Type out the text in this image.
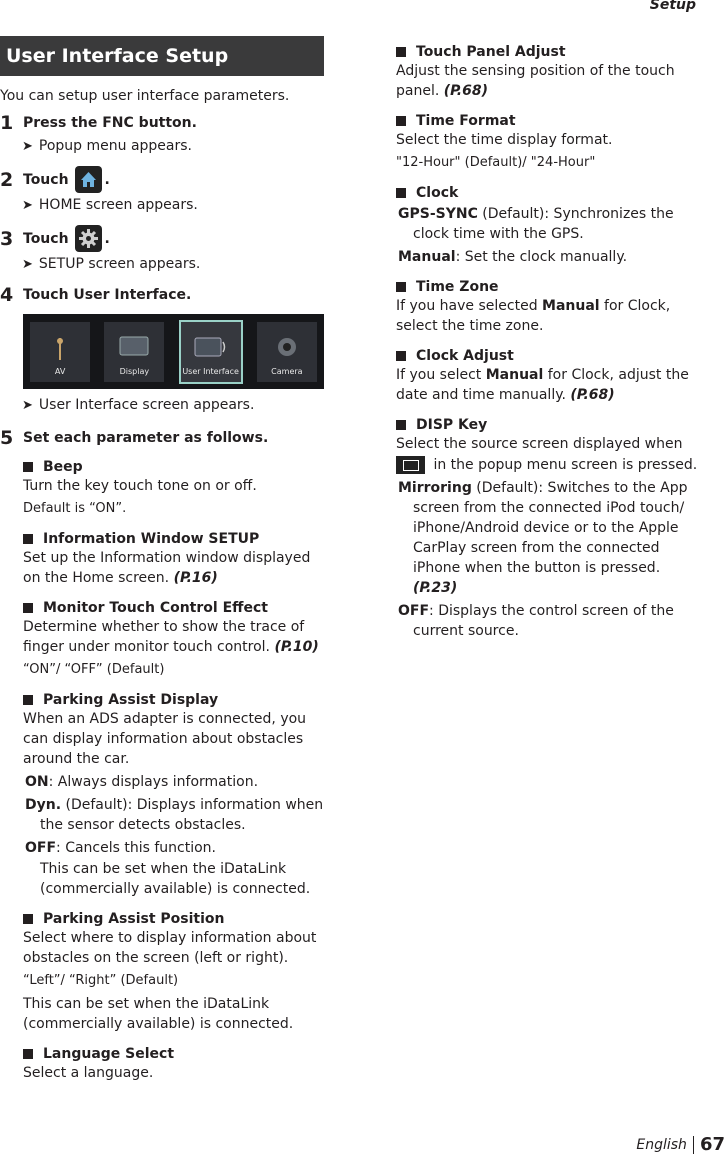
Setup
User Interface Setup
You can setup user interface parameters.
1 Press the FNC button.
➤ Popup menu appears.
2 Touch	.
➤ HOME screen appears.
3 Touch	.
➤ SETUP screen appears.
4 Touch User Interface.
AV	Display	User Interface	Camera
➤ User Interface screen appears.
5 Set each parameter as follows.
Beep
Turn the key touch tone on or off.
Default is “ON”.
Information Window SETUP
Set up the Information window displayed on the Home screen. (P.16)
Monitor Touch Control Effect
Determine whether to show the trace of finger under monitor touch control. (P.10)
“ON”/ “OFF” (Default)
Parking Assist Display
When an ADS adapter is connected, you can display information about obstacles around the car.
ON: Always displays information.
Dyn. (Default): Displays information when the sensor detects obstacles.
OFF: Cancels this function.
This can be set when the iDataLink (commercially available) is connected.
Parking Assist Position
Select where to display information about obstacles on the screen (left or right).
“Left”/ “Right” (Default)
This can be set when the iDataLink (commercially available) is connected.
Language Select
Select a language.
Touch Panel Adjust
Adjust the sensing position of the touch panel. (P.68)
Time Format
Select the time display format.
"12-Hour" (Default)/ "24-Hour"
Clock
GPS-SYNC (Default): Synchronizes the clock time with the GPS.
Manual: Set the clock manually.
Time Zone
If you have selected Manual for Clock, select the time zone.
Clock Adjust
If you select Manual for Clock, adjust the date and time manually. (P.68)
DISP Key
Select the source screen displayed when
in the popup menu screen is pressed.
Mirroring (Default): Switches to the App screen from the connected iPod touch/ iPhone/Android device or to the Apple CarPlay screen from the connected iPhone when the button is pressed. (P.23)
OFF: Displays the control screen of the current source.
English 67
